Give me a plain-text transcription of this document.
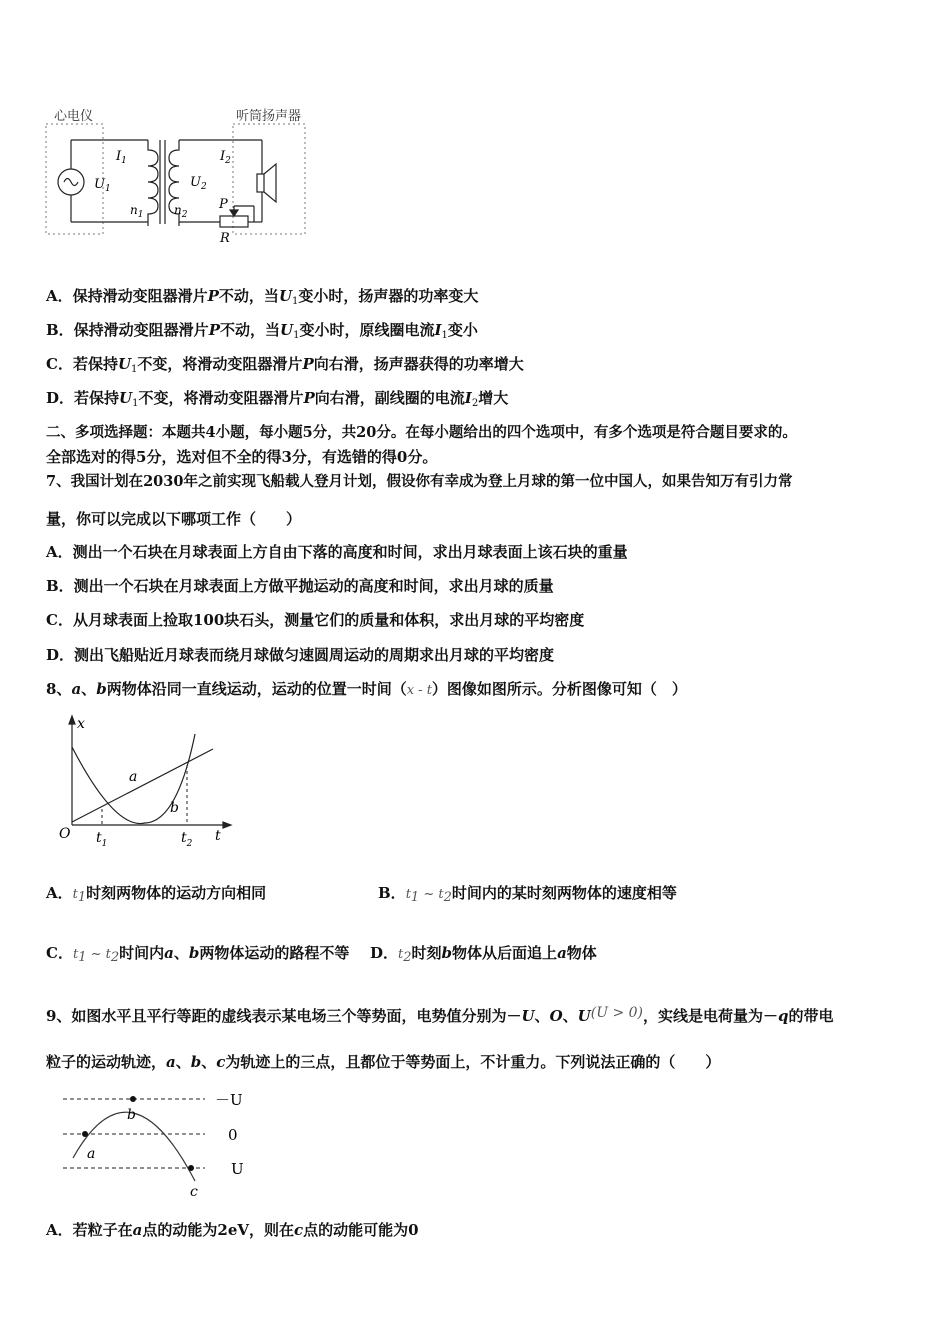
心电仪	听筒扬声器
$I_1$
$U_1$
$n_1$	$n_2$
$U_2$
$I_2$
P
R
A．保持滑动变阻器滑片P不动，当$U_1$变小时，扬声器的功率变大
B．保持滑动变阻器滑片P不动，当$U_1$变小时，原线圈电流$I_1$变小
C．若保持$U_1$不变，将滑动变阻器滑片P向右滑，扬声器获得的功率增大
D．若保持$U_1$不变，将滑动变阻器滑片P向右滑，副线圈的电流$I_2$增大
二、多项选择题：本题共4小题，每小题5分，共20分。在每小题给出的四个选项中，有多个选项是符合题目要求的。
全部选对的得5分，选对但不全的得3分，有选错的得0分。
7、我国计划在2030年之前实现飞船载人登月计划，假设你有幸成为登上月球的第一位中国人，如果告知万有引力常
量，你可以完成以下哪项工作（　　）
A．测出一个石块在月球表面上方自由下落的高度和时间，求出月球表面上该石块的重量
B．测出一个石块在月球表面上方做平抛运动的高度和时间，求出月球的质量
C．从月球表面上捡取100块石头，测量它们的质量和体积，求出月球的平均密度
D．测出飞船贴近月球表而绕月球做匀速圆周运动的周期求出月球的平均密度
8、a、b两物体沿同一直线运动，运动的位置一时间（x - t）图像如图所示。分析图像可知（　）
x
t
O $t_1$	$t_2$
a
b
A．t1时刻两物体的运动方向相同	B．t1 ~ t2时间内的某时刻两物体的速度相等
C．t1 ~ t2时间内a、b两物体运动的路程不等 D．t2时刻b物体从后面追上a物体
9、如图水平且平行等距的虚线表示某电场三个等势面，电势值分别为－U、O、U(U > 0)，实线是电荷量为－q的带电
粒子的运动轨迹，a、b、c为轨迹上的三点，且都位于等势面上，不计重力。下列说法正确的（　　）
－U
0
U
a
b
c
A．若粒子在a点的动能为2eV，则在c点的动能可能为0
